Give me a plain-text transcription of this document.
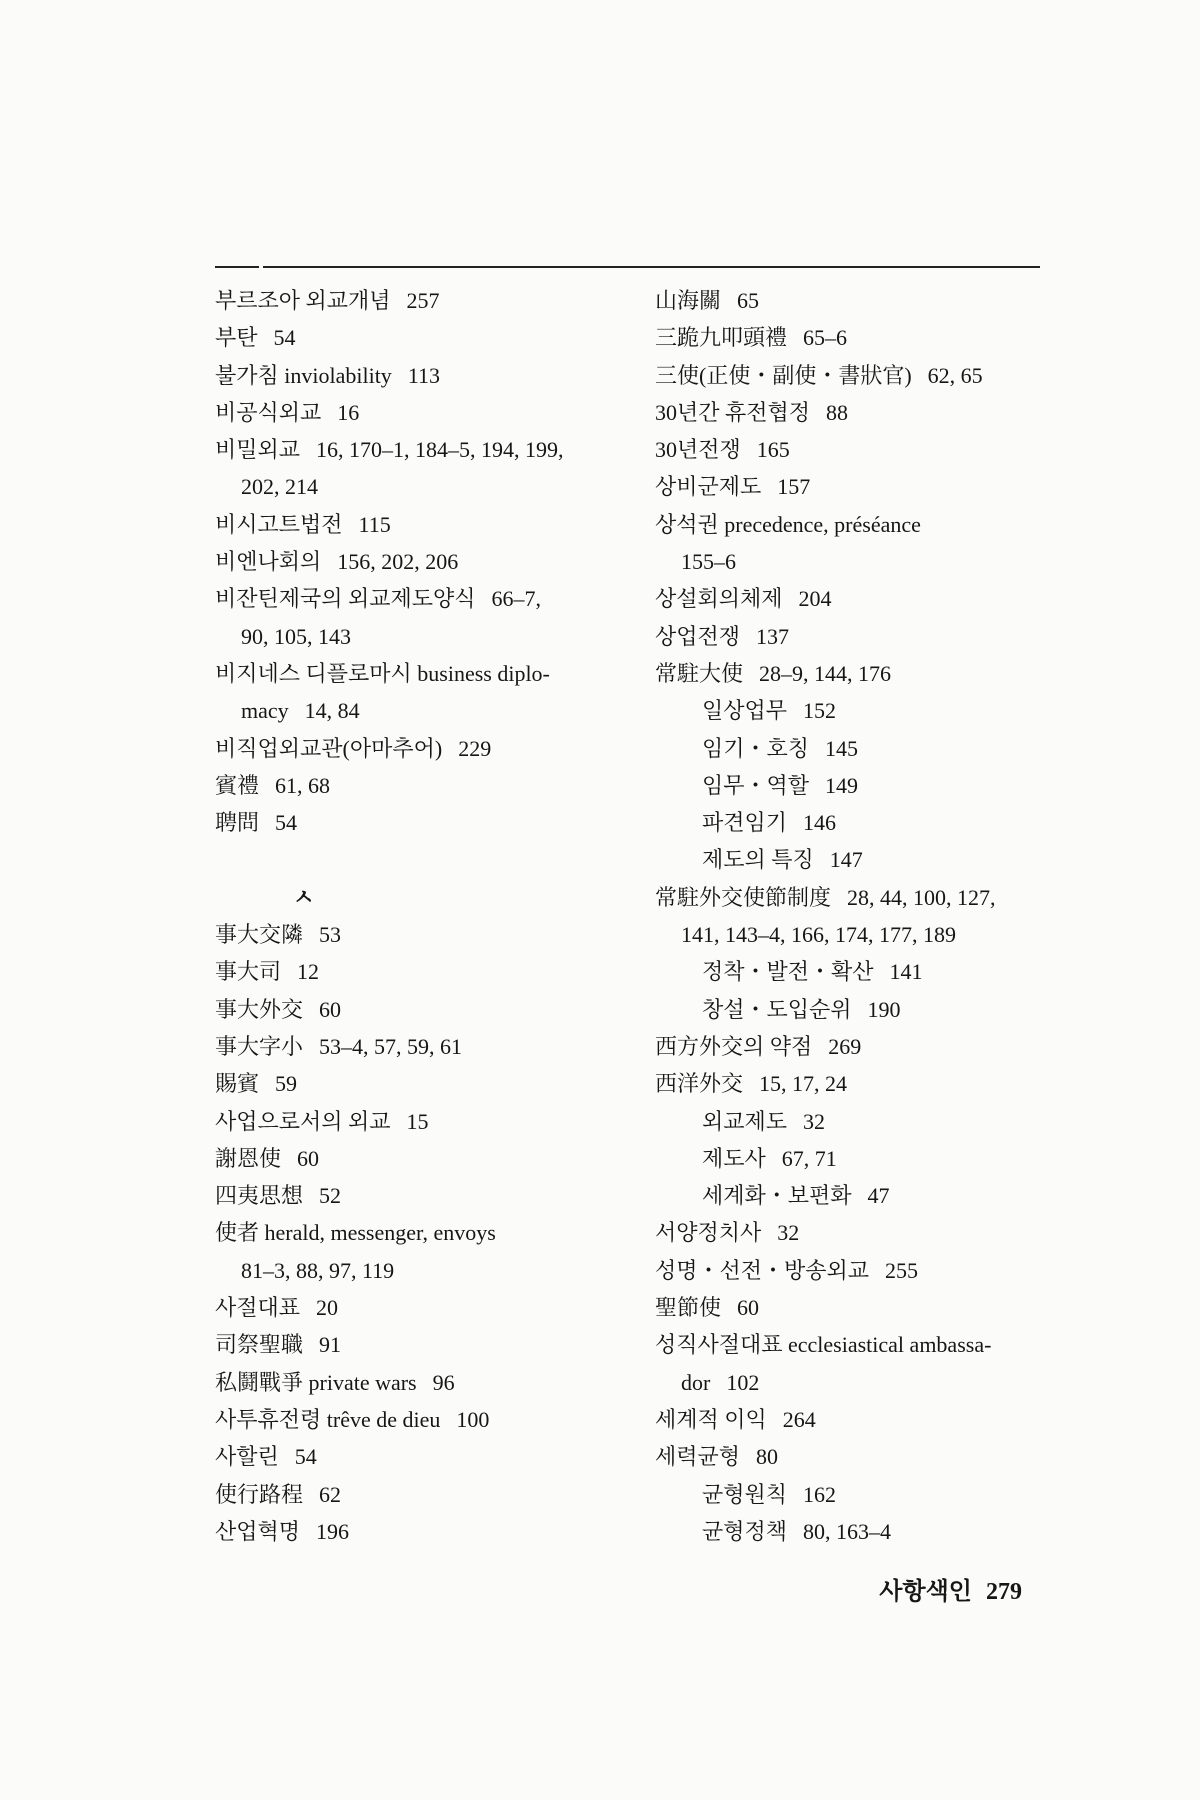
부르조아 외교개념 257
부탄 54
불가침 inviolability 113
비공식외교 16
비밀외교 16, 170–1, 184–5, 194, 199,
202, 214
비시고트법전 115
비엔나회의 156, 202, 206
비잔틴제국의 외교제도양식 66–7,
90, 105, 143
비지네스 디플로마시 business diplo-
macy 14, 84
비직업외교관(아마추어) 229
賓禮 61, 68
聘問 54
ㅅ
事大交隣 53
事大司 12
事大外交 60
事大字小 53–4, 57, 59, 61
賜賓 59
사업으로서의 외교 15
謝恩使 60
四夷思想 52
使者 herald, messenger, envoys
81–3, 88, 97, 119
사절대표 20
司祭聖職 91
私鬪戰爭 private wars 96
사투휴전령 trêve de dieu 100
사할린 54
使行路程 62
산업혁명 196
山海關 65
三跪九叩頭禮 65–6
三使(正使・副使・書狀官) 62, 65
30년간 휴전협정 88
30년전쟁 165
상비군제도 157
상석권 precedence, préséance
155–6
상설회의체제 204
상업전쟁 137
常駐大使 28–9, 144, 176
일상업무 152
임기・호칭 145
임무・역할 149
파견임기 146
제도의 특징 147
常駐外交使節制度 28, 44, 100, 127,
141, 143–4, 166, 174, 177, 189
정착・발전・확산 141
창설・도입순위 190
西方外交의 약점 269
西洋外交 15, 17, 24
외교제도 32
제도사 67, 71
세계화・보편화 47
서양정치사 32
성명・선전・방송외교 255
聖節使 60
성직사절대표 ecclesiastical ambassa-
dor 102
세계적 이익 264
세력균형 80
균형원칙 162
균형정책 80, 163–4
사항색인 279
